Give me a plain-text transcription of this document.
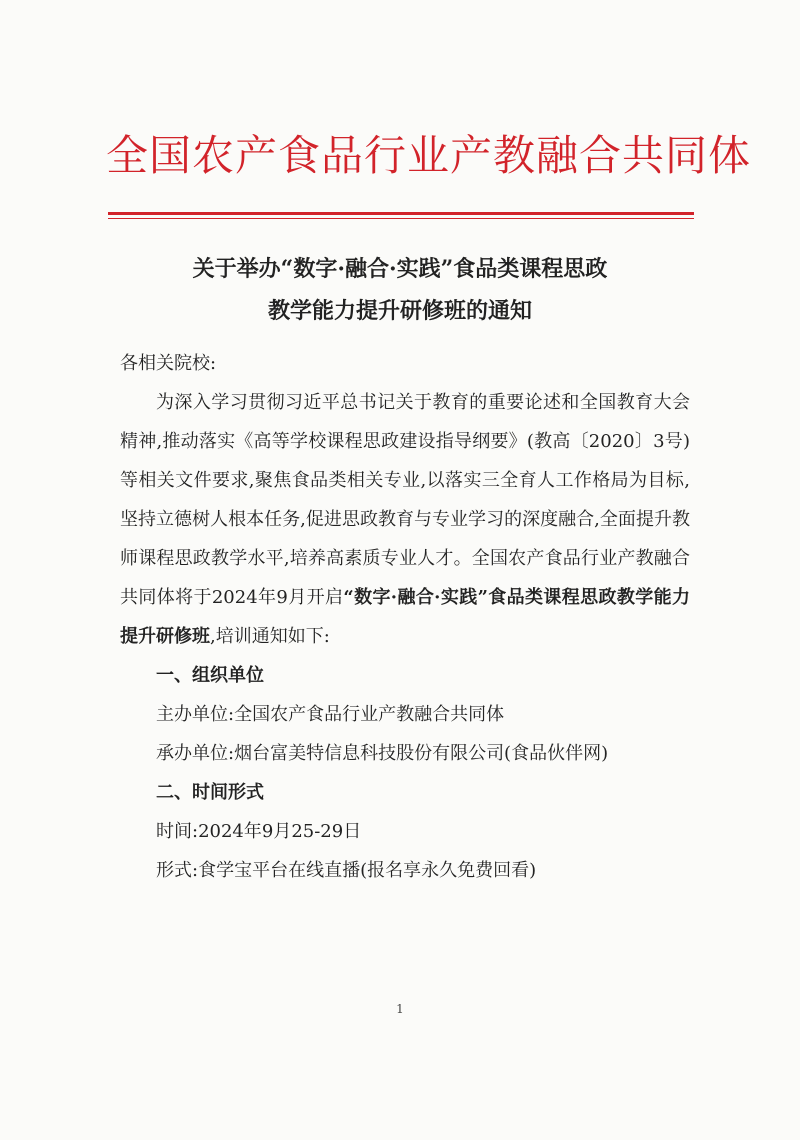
全国农产食品行业产教融合共同体
关于举办“数字·融合·实践”食品类课程思政
教学能力提升研修班的通知

各相关院校:

为深入学习贯彻习近平总书记关于教育的重要论述和全国教育大会精神,推动落实《高等学校课程思政建设指导纲要》(教高〔2020〕3号)等相关文件要求,聚焦食品类相关专业,以落实三全育人工作格局为目标,坚持立德树人根本任务,促进思政教育与专业学习的深度融合,全面提升教师课程思政教学水平,培养高素质专业人才。全国农产食品行业产教融合共同体将于2024年9月开启“数字·融合·实践”食品类课程思政教学能力提升研修班,培训通知如下:

一、组织单位

主办单位:全国农产食品行业产教融合共同体

承办单位:烟台富美特信息科技股份有限公司(食品伙伴网)

二、时间形式

时间:2024年9月25-29日

形式:食学宝平台在线直播(报名享永久免费回看)

1
